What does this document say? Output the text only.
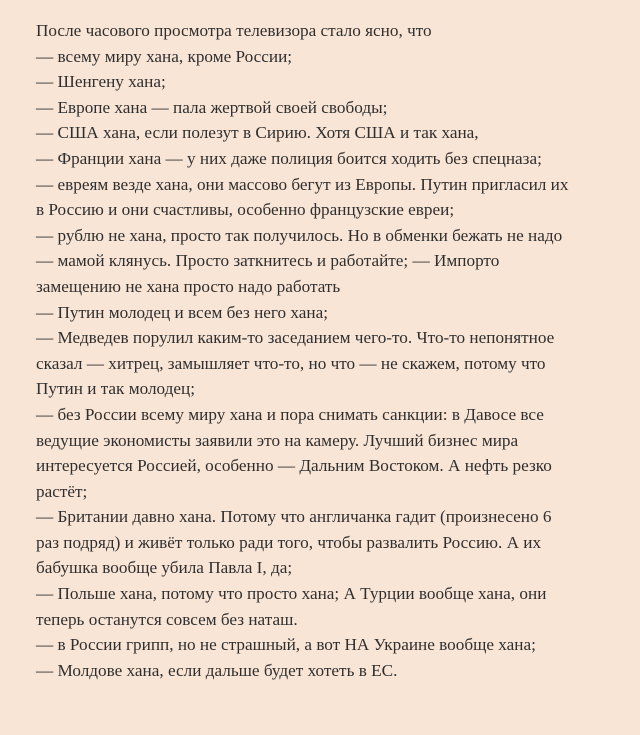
После часового просмотра телевизора стало ясно, что

— всему миру хана, кроме России;

— Шенгену хана;

— Европе хана — пала жертвой своей свободы;

— США хана, если полезут в Сирию. Хотя США и так хана,

— Франции хана — у них даже полиция боится ходить без спецназа;

— евреям везде хана, они массово бегут из Европы. Путин пригласил их

в Россию и они счастливы, особенно французские евреи;

— рублю не хана, просто так получилось. Но в обменки бежать не надо

— мамой клянусь. Просто заткнитесь и работайте; — Импорто

замещению не хана просто надо работать

— Путин молодец и всем без него хана;

— Медведев порулил каким-то заседанием чего-то. Что-то непонятное

сказал — хитрец, замышляет что-то, но что — не скажем, потому что

Путин и так молодец;

— без России всему миру хана и пора снимать санкции: в Давосе все

ведущие экономисты заявили это на камеру. Лучший бизнес мира

интересуется Россией, особенно — Дальним Востоком. А нефть резко

растёт;

— Британии давно хана. Потому что англичанка гадит (произнесено 6

раз подряд) и живёт только ради того, чтобы развалить Россию. А их

бабушка вообще убила Павла I, да;

— Польше хана, потому что просто хана; А Турции вообще хана, они

теперь останутся совсем без наташ.

— в России грипп, но не страшный, а вот НА Украине вообще хана;

— Молдове хана, если дальше будет хотеть в ЕС.
